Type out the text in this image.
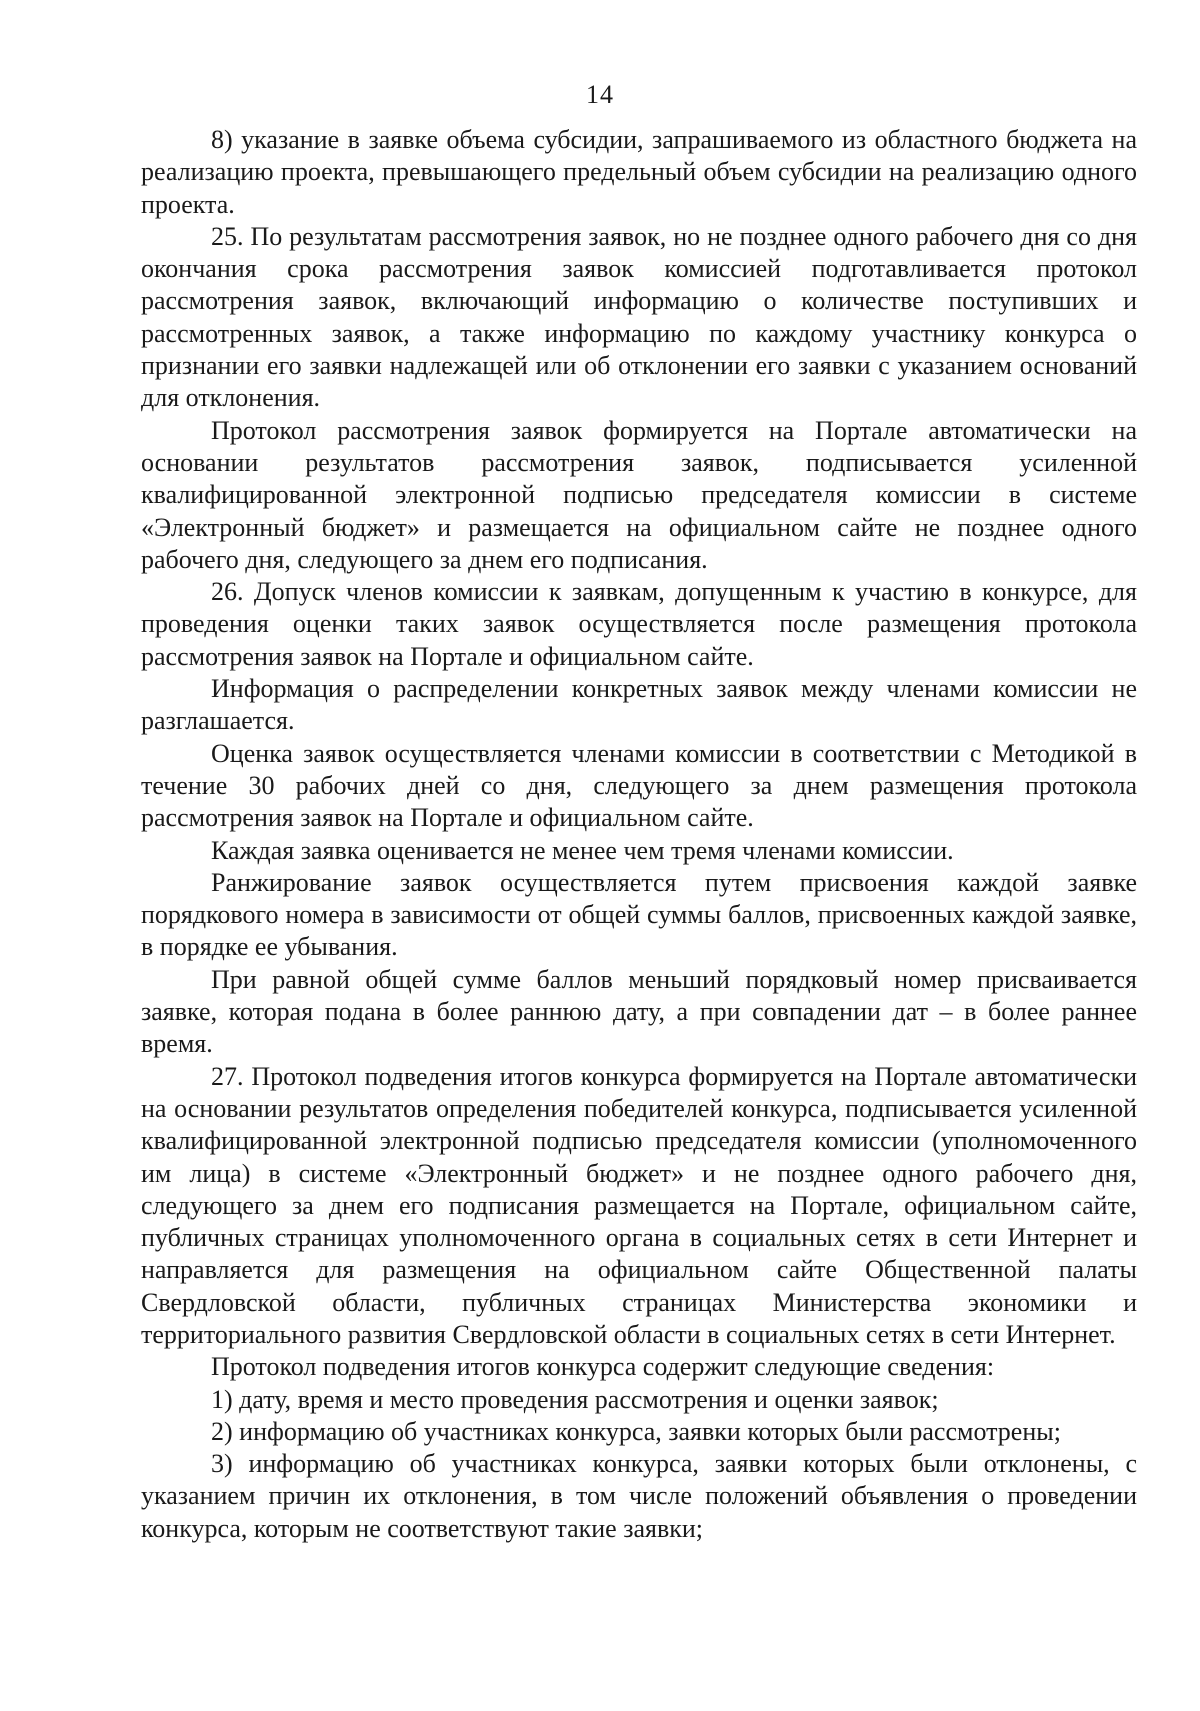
14

8) указание в заявке объема субсидии, запрашиваемого из областного бюджета на реализацию проекта, превышающего предельный объем субсидии на реализацию одного проекта.

25. По результатам рассмотрения заявок, но не позднее одного рабочего дня со дня окончания срока рассмотрения заявок комиссией подготавливается протокол рассмотрения заявок, включающий информацию о количестве поступивших и рассмотренных заявок, а также информацию по каждому участнику конкурса о признании его заявки надлежащей или об отклонении его заявки с указанием оснований для отклонения.

Протокол рассмотрения заявок формируется на Портале автоматически на основании результатов рассмотрения заявок, подписывается усиленной квалифицированной электронной подписью председателя комиссии в системе «Электронный бюджет» и размещается на официальном сайте не позднее одного рабочего дня, следующего за днем его подписания.

26. Допуск членов комиссии к заявкам, допущенным к участию в конкурсе, для проведения оценки таких заявок осуществляется после размещения протокола рассмотрения заявок на Портале и официальном сайте.

Информация о распределении конкретных заявок между членами комиссии не разглашается.

Оценка заявок осуществляется членами комиссии в соответствии с Методикой в течение 30 рабочих дней со дня, следующего за днем размещения протокола рассмотрения заявок на Портале и официальном сайте.

Каждая заявка оценивается не менее чем тремя членами комиссии.

Ранжирование заявок осуществляется путем присвоения каждой заявке порядкового номера в зависимости от общей суммы баллов, присвоенных каждой заявке, в порядке ее убывания.

При равной общей сумме баллов меньший порядковый номер присваивается заявке, которая подана в более раннюю дату, а при совпадении дат – в более раннее время.

27. Протокол подведения итогов конкурса формируется на Портале автоматически на основании результатов определения победителей конкурса, подписывается усиленной квалифицированной электронной подписью председателя комиссии (уполномоченного им лица) в системе «Электронный бюджет» и не позднее одного рабочего дня, следующего за днем его подписания размещается на Портале, официальном сайте, публичных страницах уполномоченного органа в социальных сетях в сети Интернет и направляется для размещения на официальном сайте Общественной палаты Свердловской области, публичных страницах Министерства экономики и территориального развития Свердловской области в социальных сетях в сети Интернет.

Протокол подведения итогов конкурса содержит следующие сведения:

1) дату, время и место проведения рассмотрения и оценки заявок;

2) информацию об участниках конкурса, заявки которых были рассмотрены;

3) информацию об участниках конкурса, заявки которых были отклонены, с указанием причин их отклонения, в том числе положений объявления о проведении конкурса, которым не соответствуют такие заявки;
